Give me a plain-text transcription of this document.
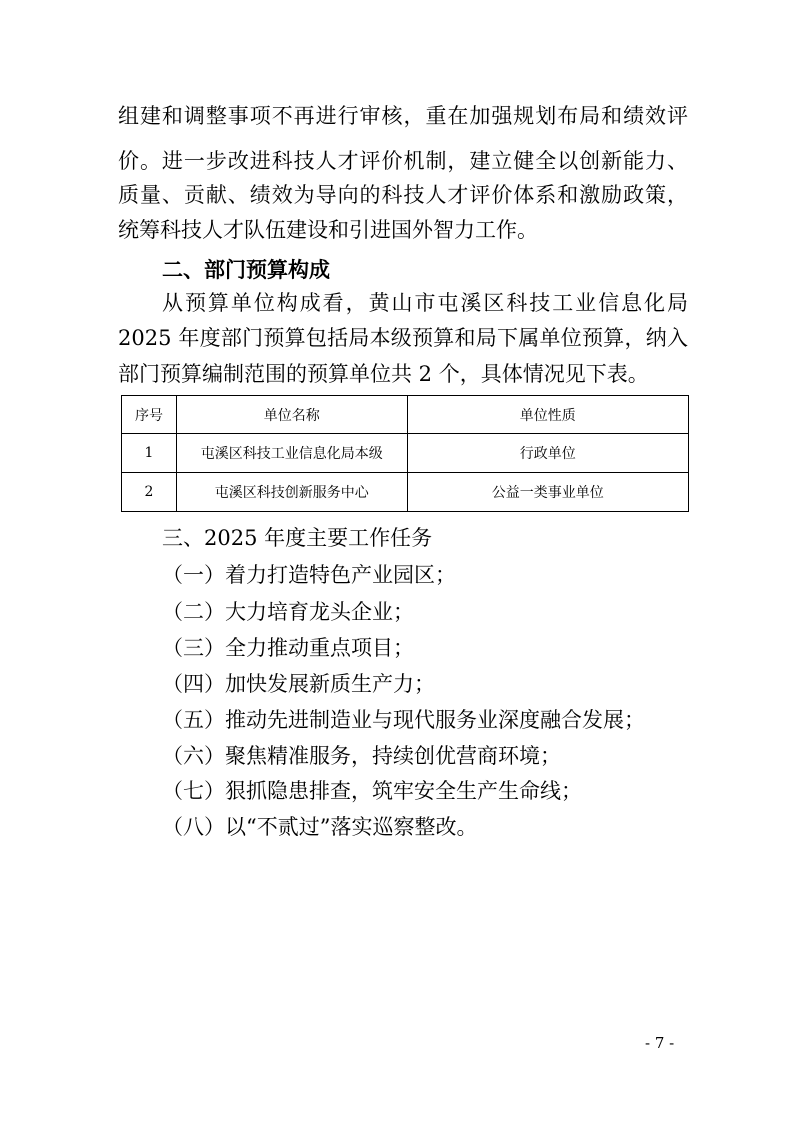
组建和调整事项不再进行审核，重在加强规划布局和绩效评
价。进一步改进科技人才评价机制，建立健全以创新能力、
质量、贡献、绩效为导向的科技人才评价体系和激励政策，
统筹科技人才队伍建设和引进国外智力工作。
二、部门预算构成
从预算单位构成看，黄山市屯溪区科技工业信息化局
2025 年度部门预算包括局本级预算和局下属单位预算，纳入
部门预算编制范围的预算单位共 2 个，具体情况见下表。
序号	单位名称	单位性质
1	屯溪区科技工业信息化局本级	行政单位
2	屯溪区科技创新服务中心	公益一类事业单位
三、2025 年度主要工作任务
（一）着力打造特色产业园区；
（二）大力培育龙头企业；
（三）全力推动重点项目；
（四）加快发展新质生产力；
（五）推动先进制造业与现代服务业深度融合发展；
（六）聚焦精准服务，持续创优营商环境；
（七）狠抓隐患排查，筑牢安全生产生命线；
（八）以“不贰过”落实巡察整改。
- 7 -
